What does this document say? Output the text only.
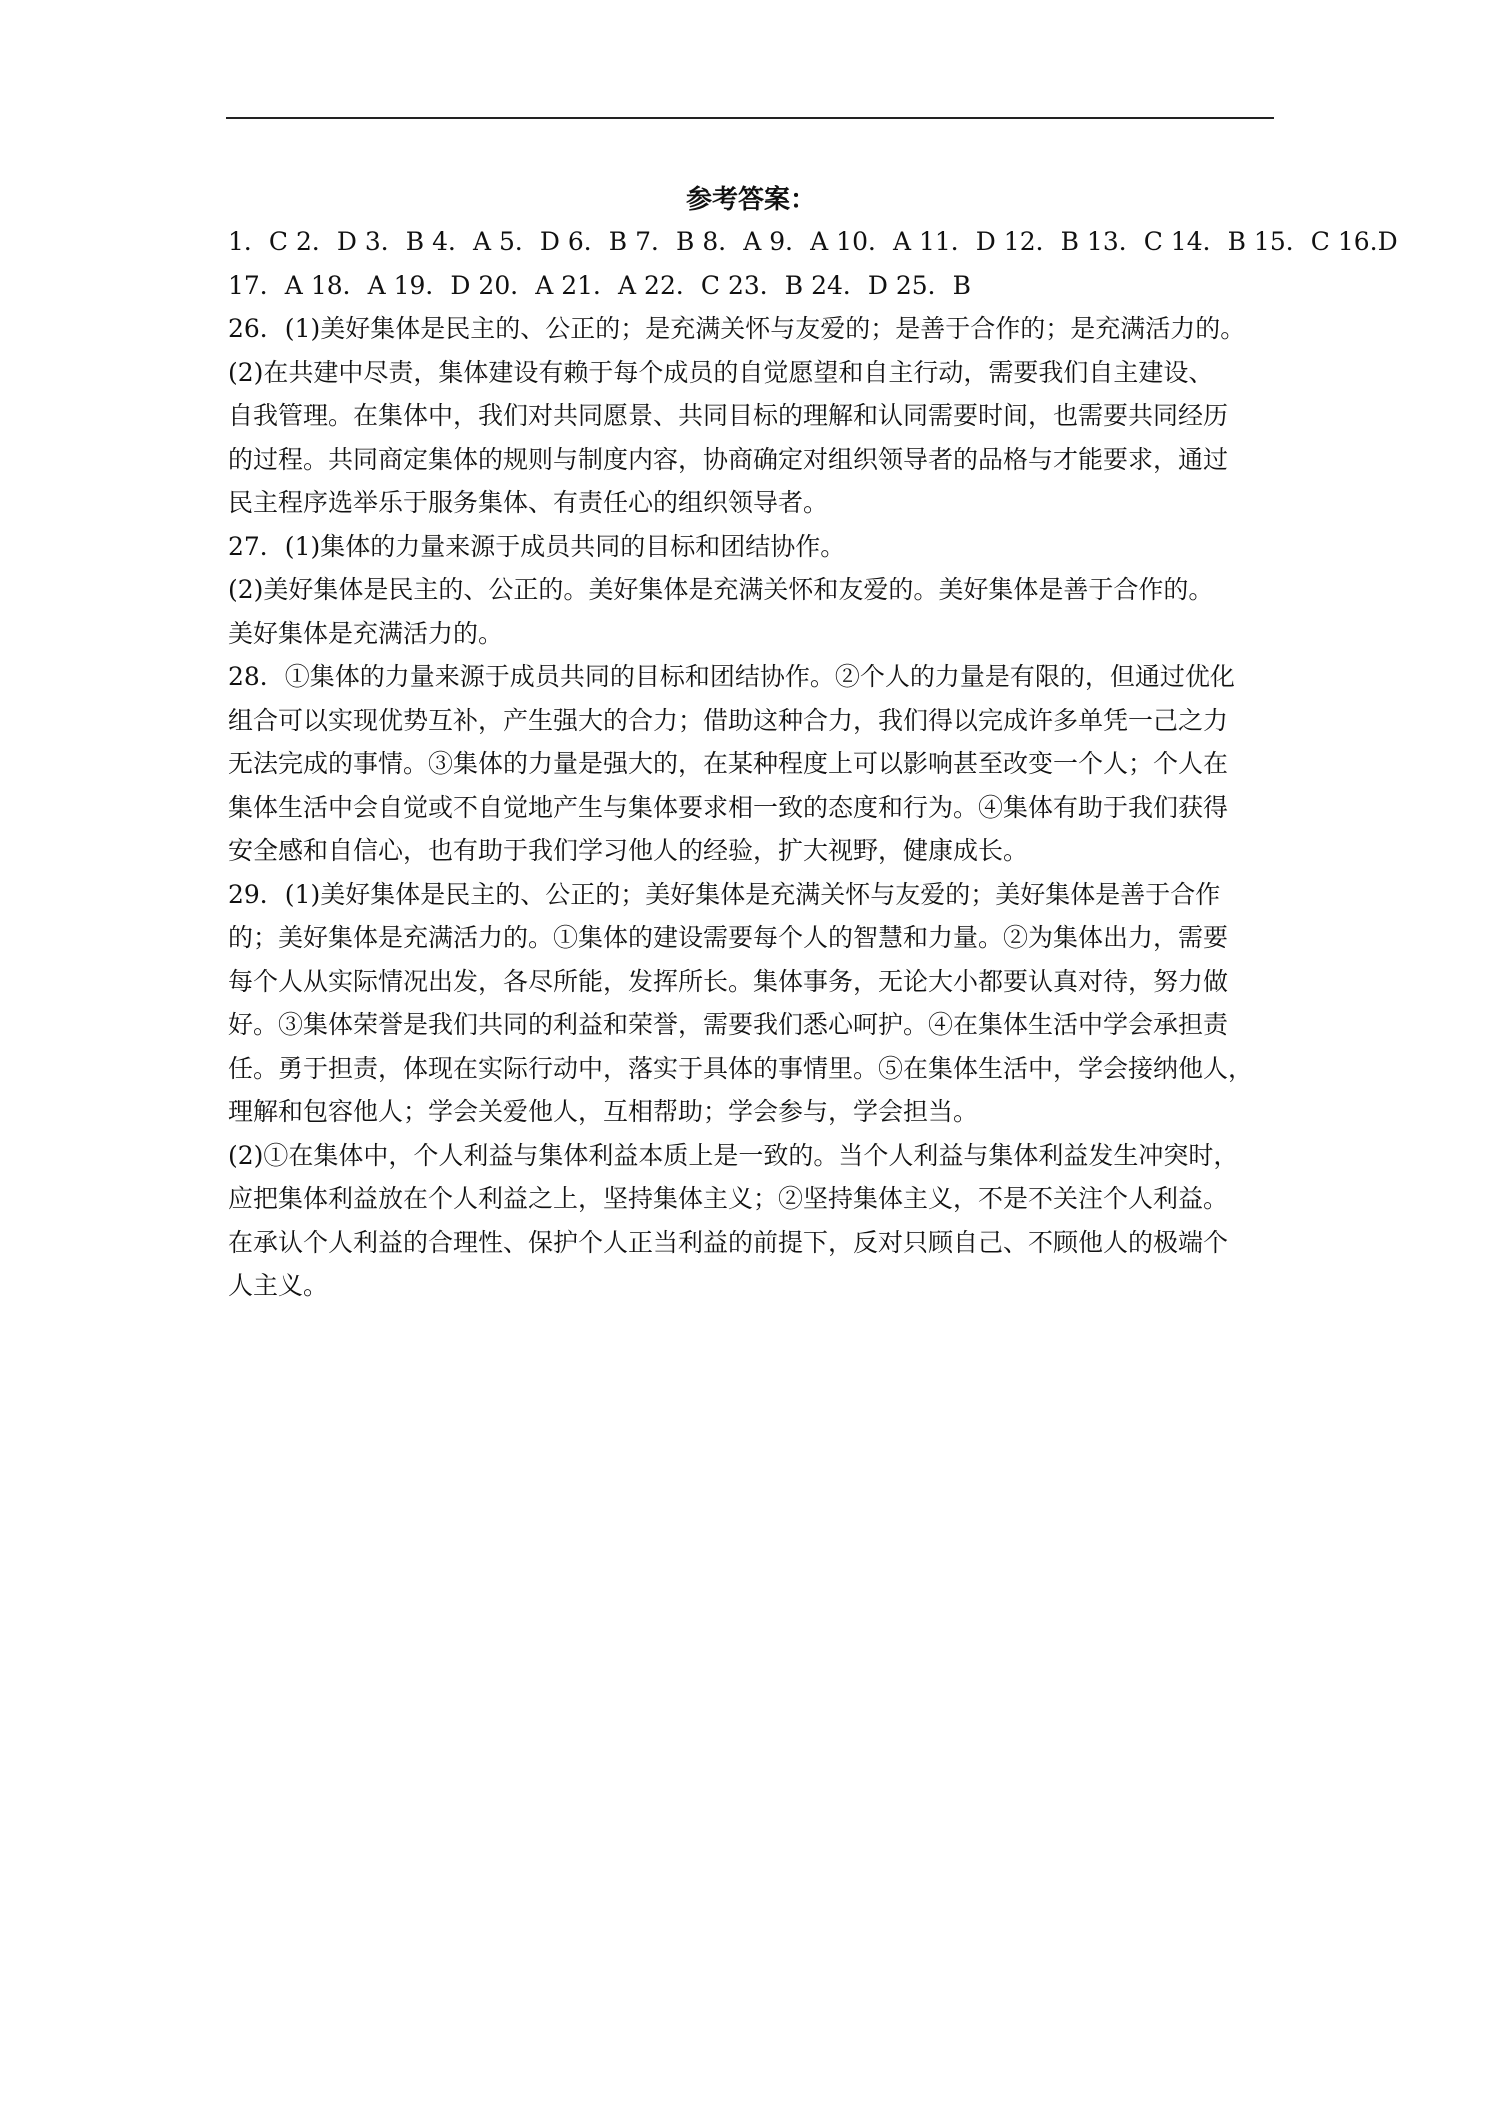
参考答案：
1．C 2．D 3．B 4．A 5．D 6．B 7．B 8．A 9．A 10．A 11．D 12．B 13．C 14．B 15．C 16.D
17．A 18．A 19．D 20．A 21．A 22．C 23．B 24．D 25．B
26．(1)美好集体是民主的、公正的；是充满关怀与友爱的；是善于合作的；是充满活力的。
(2)在共建中尽责，集体建设有赖于每个成员的自觉愿望和自主行动，需要我们自主建设、
自我管理。在集体中，我们对共同愿景、共同目标的理解和认同需要时间，也需要共同经历
的过程。共同商定集体的规则与制度内容，协商确定对组织领导者的品格与才能要求，通过
民主程序选举乐于服务集体、有责任心的组织领导者。
27．(1)集体的力量来源于成员共同的目标和团结协作。
(2)美好集体是民主的、公正的。美好集体是充满关怀和友爱的。美好集体是善于合作的。
美好集体是充满活力的。
28．①集体的力量来源于成员共同的目标和团结协作。②个人的力量是有限的，但通过优化
组合可以实现优势互补，产生强大的合力；借助这种合力，我们得以完成许多单凭一己之力
无法完成的事情。③集体的力量是强大的，在某种程度上可以影响甚至改变一个人；个人在
集体生活中会自觉或不自觉地产生与集体要求相一致的态度和行为。④集体有助于我们获得
安全感和自信心，也有助于我们学习他人的经验，扩大视野，健康成长。
29．(1)美好集体是民主的、公正的；美好集体是充满关怀与友爱的；美好集体是善于合作
的；美好集体是充满活力的。①集体的建设需要每个人的智慧和力量。②为集体出力，需要
每个人从实际情况出发，各尽所能，发挥所长。集体事务，无论大小都要认真对待，努力做
好。③集体荣誉是我们共同的利益和荣誉，需要我们悉心呵护。④在集体生活中学会承担责
任。勇于担责，体现在实际行动中，落实于具体的事情里。⑤在集体生活中，学会接纳他人，
理解和包容他人；学会关爱他人，互相帮助；学会参与，学会担当。
(2)①在集体中，个人利益与集体利益本质上是一致的。当个人利益与集体利益发生冲突时，
应把集体利益放在个人利益之上，坚持集体主义；②坚持集体主义，不是不关注个人利益。
在承认个人利益的合理性、保护个人正当利益的前提下，反对只顾自己、不顾他人的极端个
人主义。
